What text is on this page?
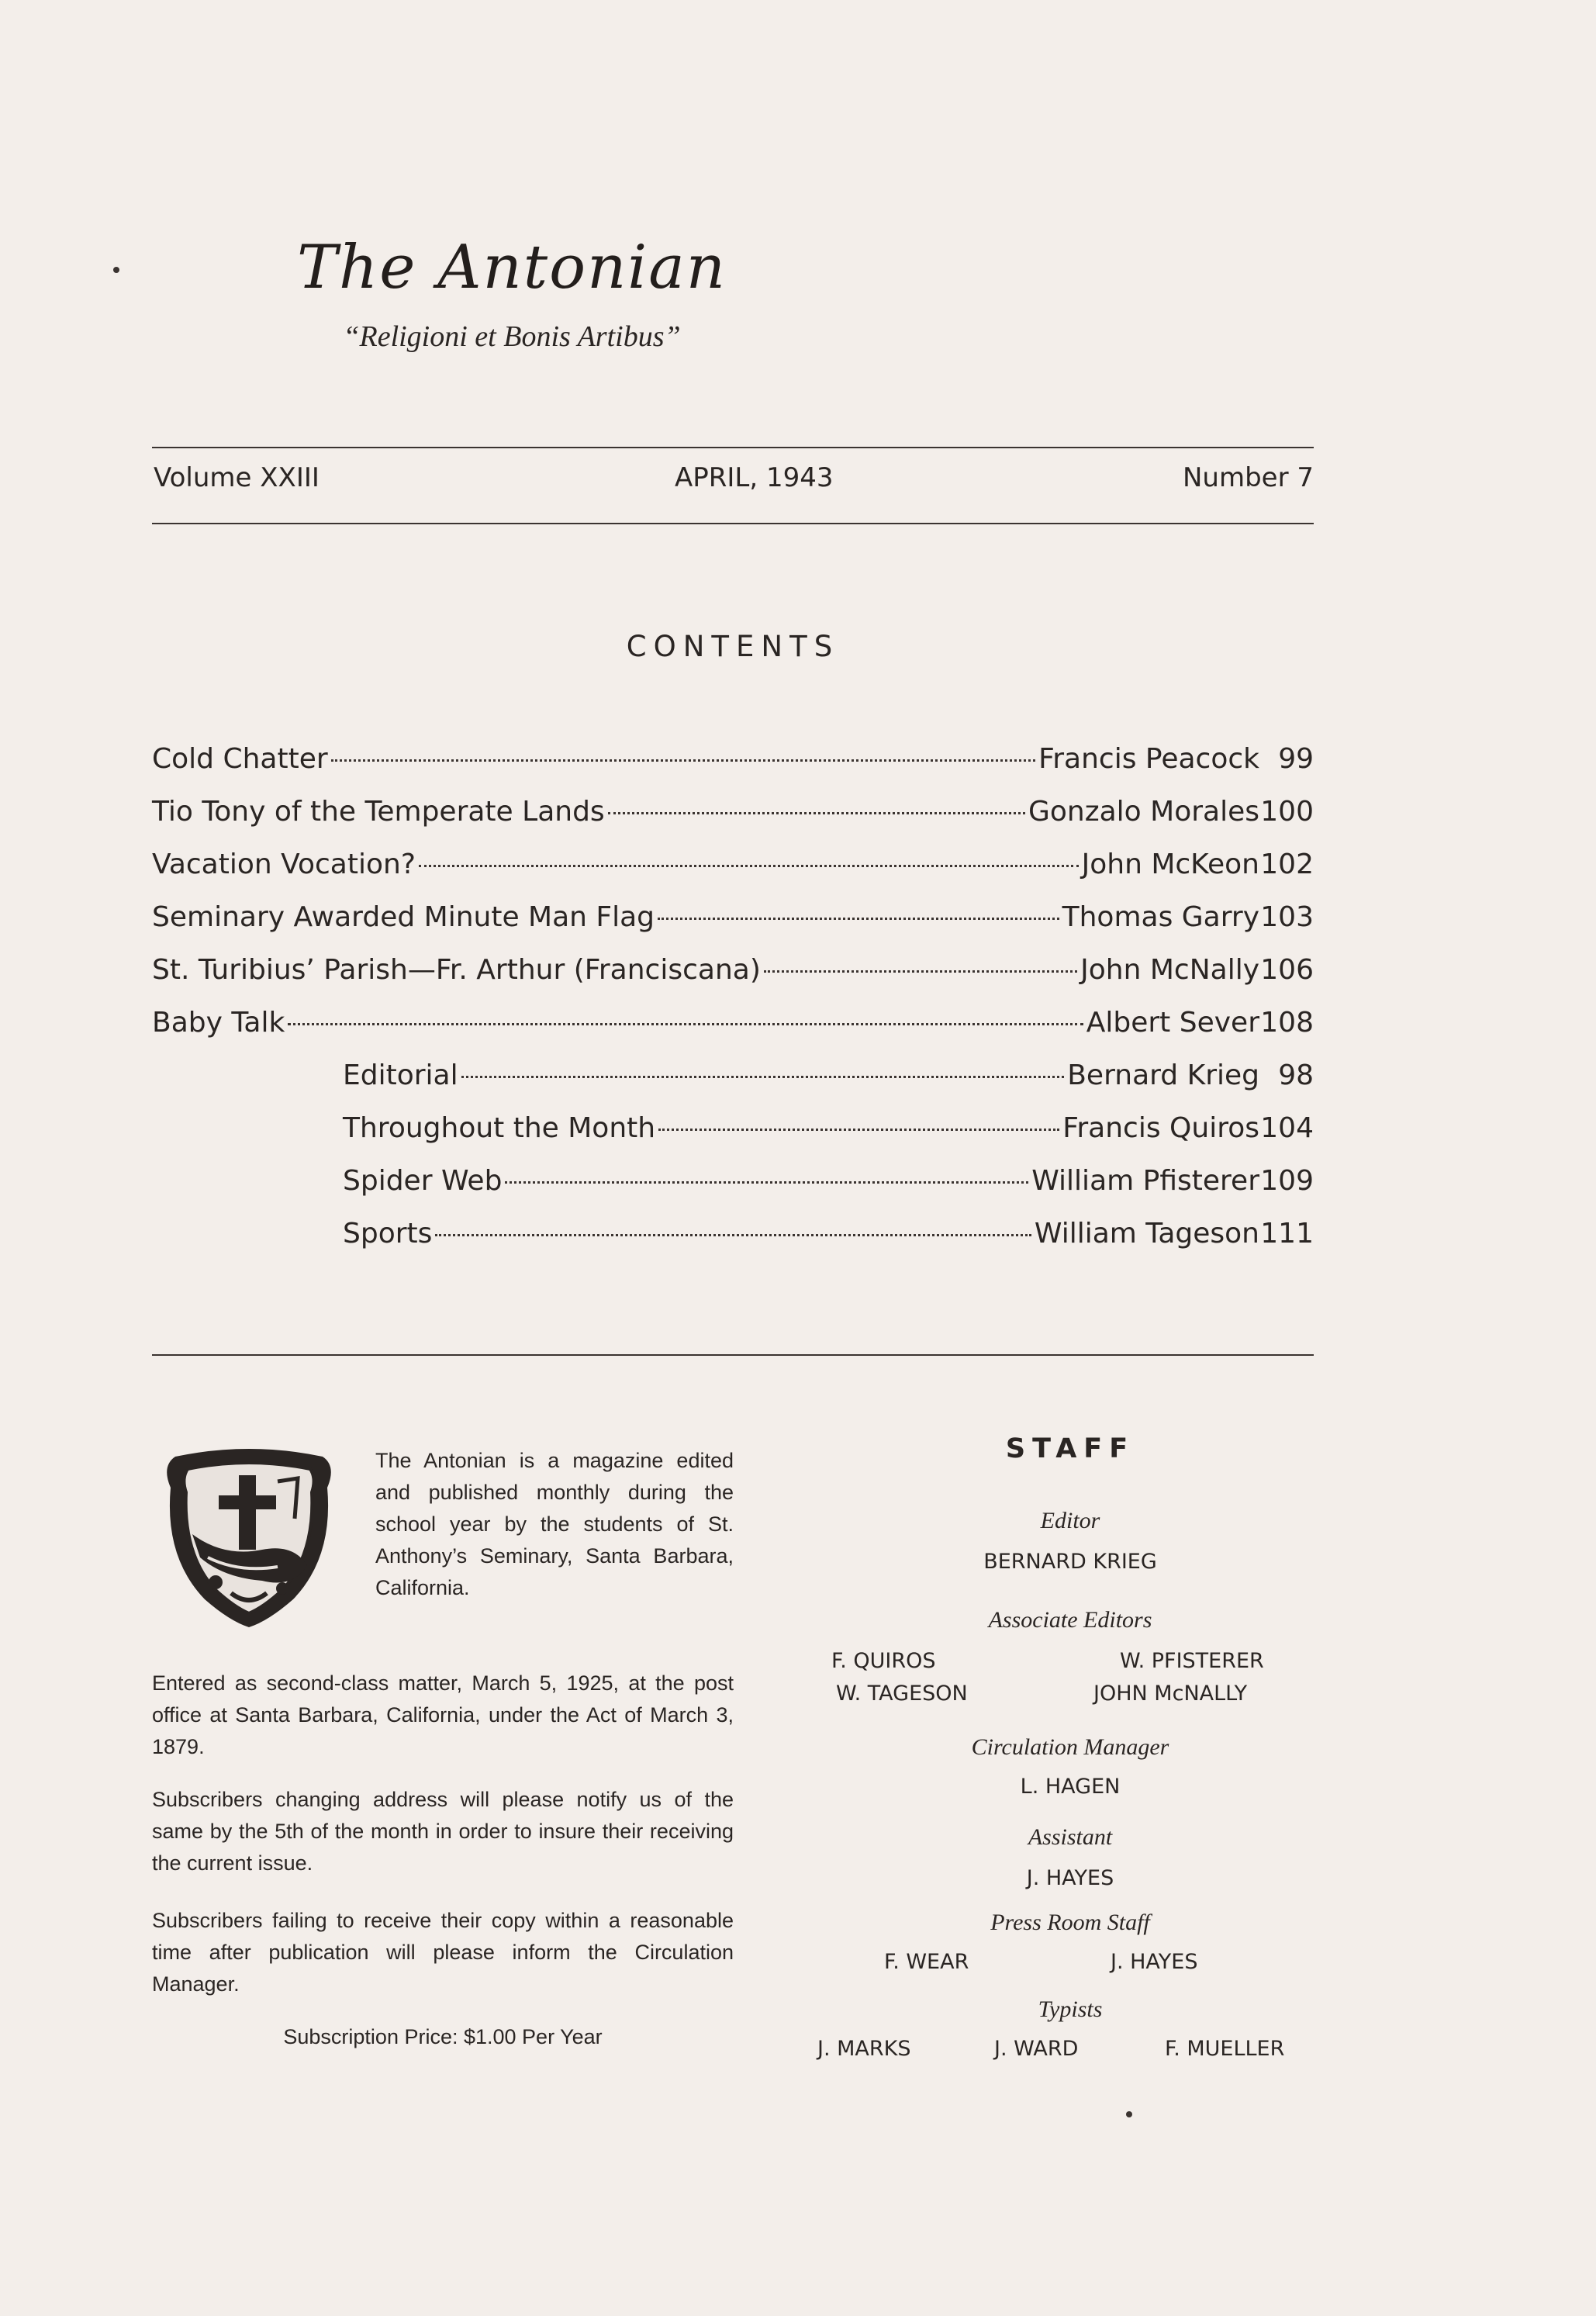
The Antonian
“Religioni et Bonis Artibus”
Volume XXIII	APRIL, 1943	Number 7
CONTENTS
Cold Chatter	Francis Peacock 99
Tio Tony of the Temperate Lands	Gonzalo Morales 100
Vacation Vocation?	John McKeon 102
Seminary Awarded Minute Man Flag	Thomas Garry 103
St. Turibius’ Parish—Fr. Arthur (Franciscana)	John McNally 106
Baby Talk	Albert Sever 108
Editorial	Bernard Krieg 98
Throughout the Month	Francis Quiros 104
Spider Web	William Pfisterer 109
Sports	William Tageson 111
The Antonian is a magazine edited and published monthly during the school year by the students of St. Anthony’s Seminary, Santa Barbara, California.
Entered as second-class matter, March 5, 1925, at the post office at Santa Barbara, California, under the Act of March 3, 1879.
Subscribers changing address will please notify us of the same by the 5th of the month in order to insure their receiving the current issue.
Subscribers failing to receive their copy within a reasonable time after publication will please inform the Circulation Manager.
Subscription Price: $1.00 Per Year
STAFF
Editor
BERNARD KRIEG
Associate Editors
F. QUIROS	W. PFISTERER
W. TAGESON	JOHN McNALLY
Circulation Manager
L. HAGEN
Assistant
J. HAYES
Press Room Staff
F. WEAR	J. HAYES
Typists
J. MARKS	J. WARD	F. MUELLER
